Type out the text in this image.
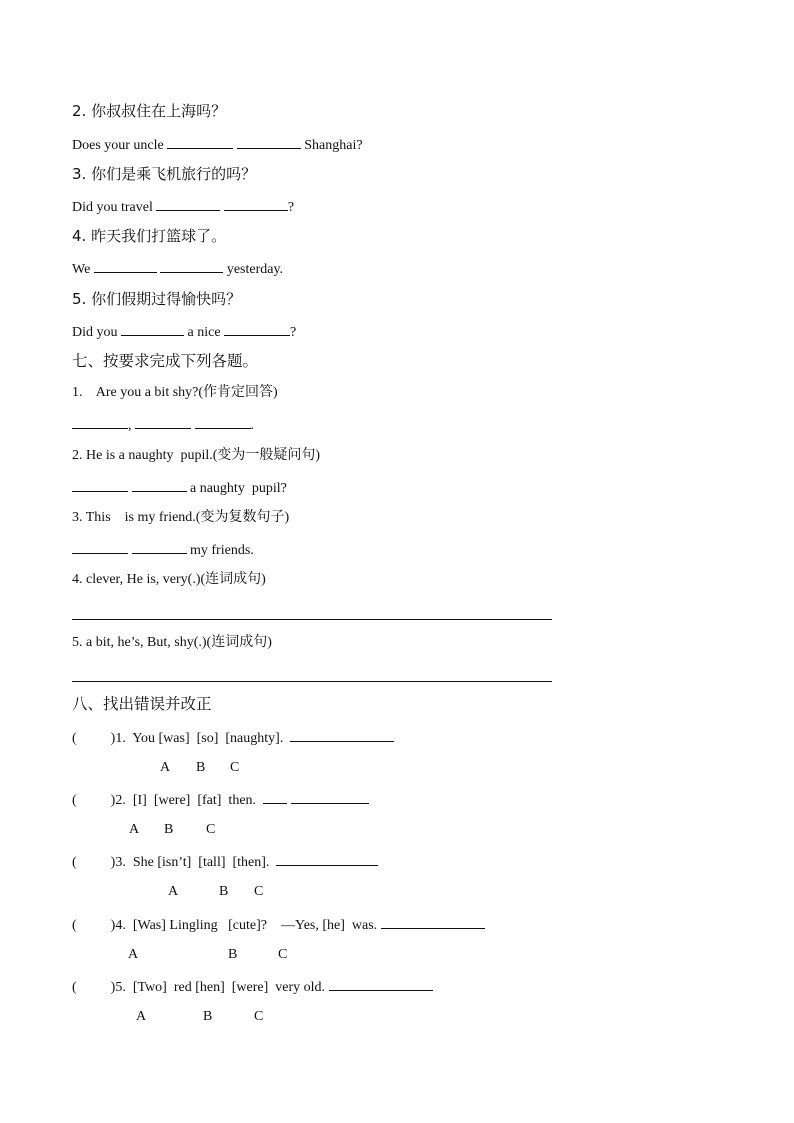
2. 你叔叔住在上海吗？
Does your uncle	Shanghai?
3. 你们是乘飞机旅行的吗？
Did you travel	?
4. 昨天我们打篮球了。
We	yesterday.
5. 你们假期过得愉快吗？
Did you	a nice	?
七、按要求完成下列各题。
1.    Are you a bit shy?(作肯定回答)
,	.
2. He is a naughty  pupil.(变为一般疑问句)
a naughty  pupil?
3. This    is my friend.(变为复数句子)
my friends.
4. clever, He is, very(.)(连词成句)
5. a bit, he’s, But, shy(.)(连词成句)
八、找出错误并改正
( )1.  You [was]  [so]  [naughty].
A B C
( )2.  [I]  [were]  [fat]  then.
A B C
( )3.  She [isn’t]  [tall]  [then].
A	B C
( )4.  [Was] Lingling   [cute]?    —Yes, [he]  was.
A	B	C
( )5.  [Two]  red [hen]  [were]  very old.
A	B	C
